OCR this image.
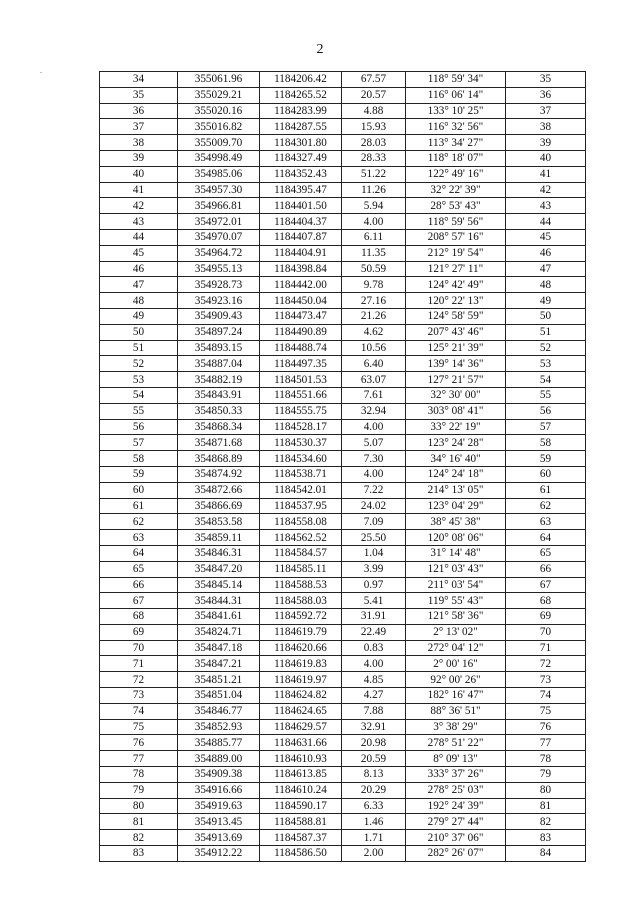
2
.
34	355061.96	1184206.42	67.57	118° 59' 34"	35
35	355029.21	1184265.52	20.57	116° 06' 14"	36
36	355020.16	1184283.99	4.88	133° 10' 25"	37
37	355016.82	1184287.55	15.93	116° 32' 56"	38
38	355009.70	1184301.80	28.03	113° 34' 27"	39
39	354998.49	1184327.49	28.33	118° 18' 07"	40
40	354985.06	1184352.43	51.22	122° 49' 16"	41
41	354957.30	1184395.47	11.26	32° 22' 39"	42
42	354966.81	1184401.50	5.94	28° 53' 43"	43
43	354972.01	1184404.37	4.00	118° 59' 56"	44
44	354970.07	1184407.87	6.11	208° 57' 16"	45
45	354964.72	1184404.91	11.35	212° 19' 54"	46
46	354955.13	1184398.84	50.59	121° 27' 11"	47
47	354928.73	1184442.00	9.78	124° 42' 49"	48
48	354923.16	1184450.04	27.16	120° 22' 13"	49
49	354909.43	1184473.47	21.26	124° 58' 59"	50
50	354897.24	1184490.89	4.62	207° 43' 46"	51
51	354893.15	1184488.74	10.56	125° 21' 39"	52
52	354887.04	1184497.35	6.40	139° 14' 36"	53
53	354882.19	1184501.53	63.07	127° 21' 57"	54
54	354843.91	1184551.66	7.61	32° 30' 00"	55
55	354850.33	1184555.75	32.94	303° 08' 41"	56
56	354868.34	1184528.17	4.00	33° 22' 19"	57
57	354871.68	1184530.37	5.07	123° 24' 28"	58
58	354868.89	1184534.60	7.30	34° 16' 40"	59
59	354874.92	1184538.71	4.00	124° 24' 18"	60
60	354872.66	1184542.01	7.22	214° 13' 05"	61
61	354866.69	1184537.95	24.02	123° 04' 29"	62
62	354853.58	1184558.08	7.09	38° 45' 38"	63
63	354859.11	1184562.52	25.50	120° 08' 06"	64
64	354846.31	1184584.57	1.04	31° 14' 48"	65
65	354847.20	1184585.11	3.99	121° 03' 43"	66
66	354845.14	1184588.53	0.97	211° 03' 54"	67
67	354844.31	1184588.03	5.41	119° 55' 43"	68
68	354841.61	1184592.72	31.91	121° 58' 36"	69
69	354824.71	1184619.79	22.49	2° 13' 02"	70
70	354847.18	1184620.66	0.83	272° 04' 12"	71
71	354847.21	1184619.83	4.00	2° 00' 16"	72
72	354851.21	1184619.97	4.85	92° 00' 26"	73
73	354851.04	1184624.82	4.27	182° 16' 47"	74
74	354846.77	1184624.65	7.88	88° 36' 51"	75
75	354852.93	1184629.57	32.91	3° 38' 29"	76
76	354885.77	1184631.66	20.98	278° 51' 22"	77
77	354889.00	1184610.93	20.59	8° 09' 13"	78
78	354909.38	1184613.85	8.13	333° 37' 26"	79
79	354916.66	1184610.24	20.29	278° 25' 03"	80
80	354919.63	1184590.17	6.33	192° 24' 39"	81
81	354913.45	1184588.81	1.46	279° 27' 44"	82
82	354913.69	1184587.37	1.71	210° 37' 06"	83
83	354912.22	1184586.50	2.00	282° 26' 07"	84
